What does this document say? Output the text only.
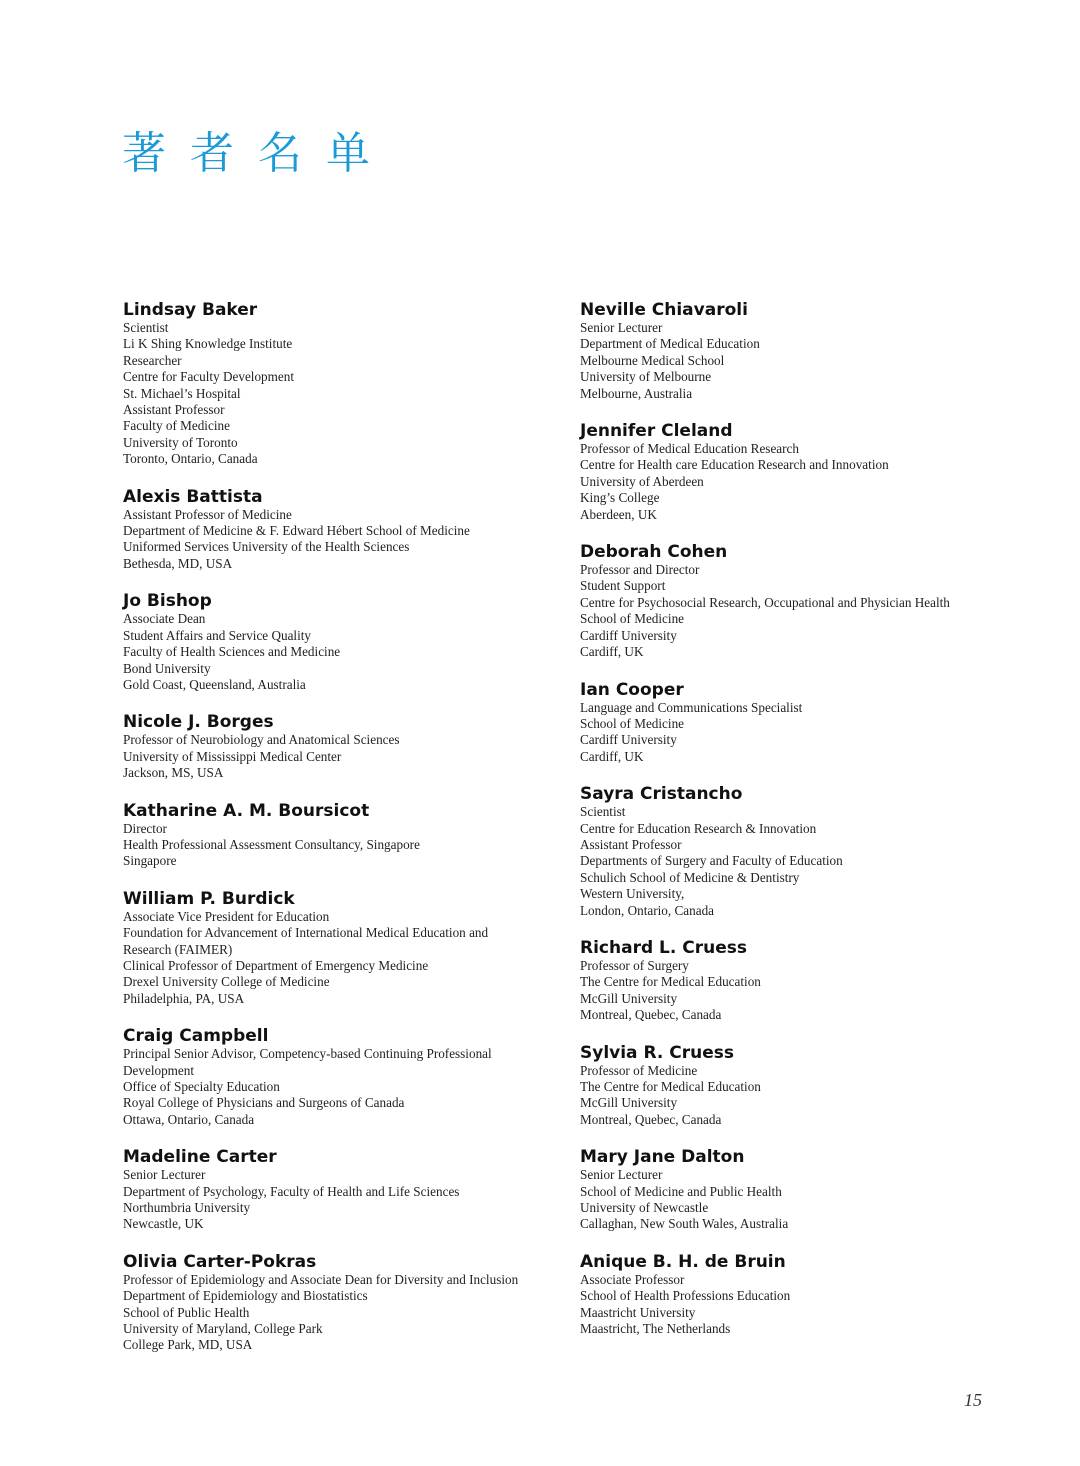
著者名单
Lindsay Baker
Scientist
Li K Shing Knowledge Institute
Researcher
Centre for Faculty Development
St. Michael’s Hospital
Assistant Professor
Faculty of Medicine
University of Toronto
Toronto, Ontario, Canada
Alexis Battista
Assistant Professor of Medicine
Department of Medicine & F. Edward Hébert School of Medicine
Uniformed Services University of the Health Sciences
Bethesda, MD, USA
Jo Bishop
Associate Dean
Student Affairs and Service Quality
Faculty of Health Sciences and Medicine
Bond University
Gold Coast, Queensland, Australia
Nicole J. Borges
Professor of Neurobiology and Anatomical Sciences
University of Mississippi Medical Center
Jackson, MS, USA
Katharine A. M. Boursicot
Director
Health Professional Assessment Consultancy, Singapore
Singapore
William P. Burdick
Associate Vice President for Education
Foundation for Advancement of International Medical Education and
Research (FAIMER)
Clinical Professor of Department of Emergency Medicine
Drexel University College of Medicine
Philadelphia, PA, USA
Craig Campbell
Principal Senior Advisor, Competency-based Continuing Professional
Development
Office of Specialty Education
Royal College of Physicians and Surgeons of Canada
Ottawa, Ontario, Canada
Madeline Carter
Senior Lecturer
Department of Psychology, Faculty of Health and Life Sciences
Northumbria University
Newcastle, UK
Olivia Carter-Pokras
Professor of Epidemiology and Associate Dean for Diversity and Inclusion
Department of Epidemiology and Biostatistics
School of Public Health
University of Maryland, College Park
College Park, MD, USA
Neville Chiavaroli
Senior Lecturer
Department of Medical Education
Melbourne Medical School
University of Melbourne
Melbourne, Australia
Jennifer Cleland
Professor of Medical Education Research
Centre for Health care Education Research and Innovation
University of Aberdeen
King’s College
Aberdeen, UK
Deborah Cohen
Professor and Director
Student Support
Centre for Psychosocial Research, Occupational and Physician Health
School of Medicine
Cardiff University
Cardiff, UK
Ian Cooper
Language and Communications Specialist
School of Medicine
Cardiff University
Cardiff, UK
Sayra Cristancho
Scientist
Centre for Education Research & Innovation
Assistant Professor
Departments of Surgery and Faculty of Education
Schulich School of Medicine & Dentistry
Western University,
London, Ontario, Canada
Richard L. Cruess
Professor of Surgery
The Centre for Medical Education
McGill University
Montreal, Quebec, Canada
Sylvia R. Cruess
Professor of Medicine
The Centre for Medical Education
McGill University
Montreal, Quebec, Canada
Mary Jane Dalton
Senior Lecturer
School of Medicine and Public Health
University of Newcastle
Callaghan, New South Wales, Australia
Anique B. H. de Bruin
Associate Professor
School of Health Professions Education
Maastricht University
Maastricht, The Netherlands

15
